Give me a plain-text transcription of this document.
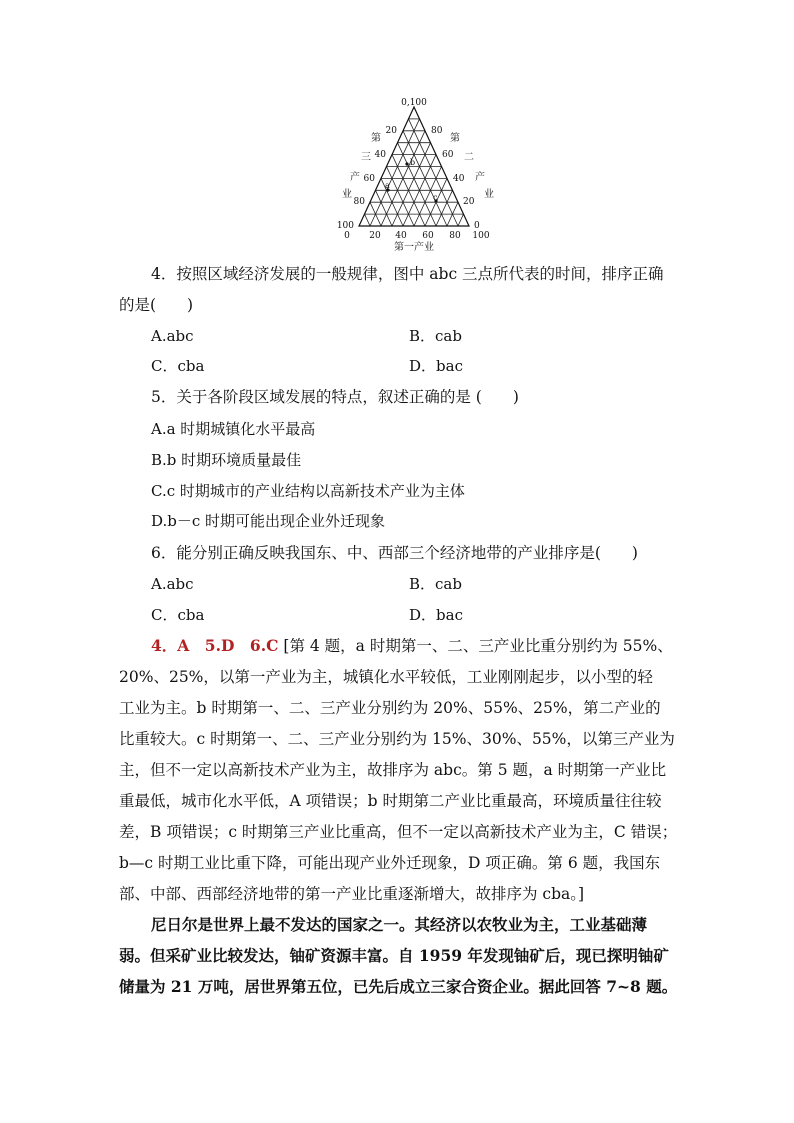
0,100
20
40
60
80
100
80
60
40
20
0
0 20 40 60 80 100
第
三
产
业
第
二
产
业
第一产业
b
a
c
4．按照区域经济发展的一般规律，图中 abc 三点所代表的时间，排序正确
的是(　　)
A.abc	B．cab
C．cba	D．bac
5．关于各阶段区域发展的特点，叙述正确的是 (　　)
A.a 时期城镇化水平最高
B.b 时期环境质量最佳
C.c 时期城市的产业结构以高新技术产业为主体
D.b－c 时期可能出现企业外迁现象
6．能分别正确反映我国东、中、西部三个经济地带的产业排序是(　　)
A.abc	B．cab
C．cba	D．bac
4．A　5.D　6.C [第 4 题，a 时期第一、二、三产业比重分别约为 55%、
20%、25%，以第一产业为主，城镇化水平较低，工业刚刚起步，以小型的轻
工业为主。b 时期第一、二、三产业分别约为 20%、55%、25%，第二产业的
比重较大。c 时期第一、二、三产业分别约为 15%、30%、55%，以第三产业为
主，但不一定以高新技术产业为主，故排序为 abc。第 5 题，a 时期第一产业比
重最低，城市化水平低，A 项错误；b 时期第二产业比重最高，环境质量往往较
差，B 项错误；c 时期第三产业比重高，但不一定以高新技术产业为主，C 错误；
b—c 时期工业比重下降，可能出现产业外迁现象，D 项正确。第 6 题，我国东
部、中部、西部经济地带的第一产业比重逐渐增大，故排序为 cba。]
尼日尔是世界上最不发达的国家之一。其经济以农牧业为主，工业基础薄
弱。但采矿业比较发达，铀矿资源丰富。自 1959 年发现铀矿后，现已探明铀矿
储量为 21 万吨，居世界第五位，已先后成立三家合资企业。据此回答 7~8 题。
